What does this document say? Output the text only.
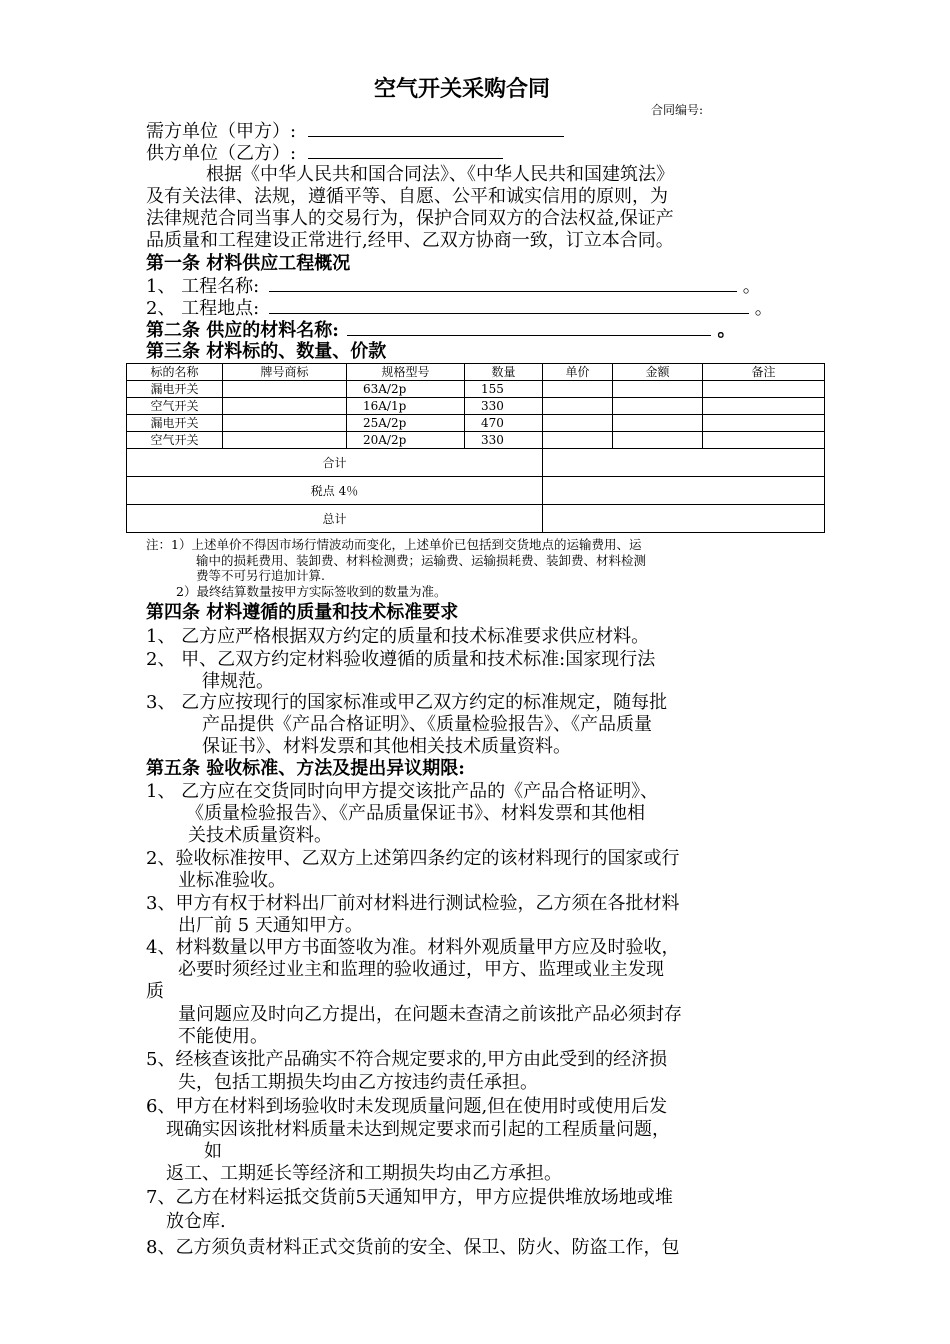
空气开关采购合同
合同编号:
需方单位（甲方）:
供方单位（乙方）:
根据《中华人民共和国合同法》、《中华人民共和国建筑法》
及有关法律、法规，遵循平等、自愿、公平和诚实信用的原则，为
法律规范合同当事人的交易行为，保护合同双方的合法权益,保证产
品质量和工程建设正常进行,经甲、乙双方协商一致，订立本合同。
第一条 材料供应工程概况
1、 工程名称:	。
2、 工程地点:	。
第二条 供应的材料名称:	。
第三条 材料标的、数量、价款
标的名称	牌号商标	规格型号	数量	单价	金额	备注
漏电开关		63A/2p	155			
空气开关		16A/1p	330			
漏电开关		25A/2p	470			
空气开关		20A/2p	330			
合计						
税点 4％						
总计						
注：1）上述单价不得因市场行情波动而变化，上述单价已包括到交货地点的运输费用、运
输中的损耗费用、装卸费、材料检测费；运输费、运输损耗费、装卸费、材料检测
费等不可另行追加计算.
2）最终结算数量按甲方实际签收到的数量为准。
第四条 材料遵循的质量和技术标准要求
1、 乙方应严格根据双方约定的质量和技术标准要求供应材料。
2、 甲、乙双方约定材料验收遵循的质量和技术标准:国家现行法
律规范。
3、 乙方应按现行的国家标准或甲乙双方约定的标准规定，随每批
产品提供《产品合格证明》、《质量检验报告》、《产品质量
保证书》、材料发票和其他相关技术质量资料。
第五条 验收标准、方法及提出异议期限:
1、 乙方应在交货同时向甲方提交该批产品的《产品合格证明》、
《质量检验报告》、《产品质量保证书》、材料发票和其他相
关技术质量资料。
2、验收标准按甲、乙双方上述第四条约定的该材料现行的国家或行
业标准验收。
3、甲方有权于材料出厂前对材料进行测试检验，乙方须在各批材料
出厂前 5 天通知甲方。
4、材料数量以甲方书面签收为准。材料外观质量甲方应及时验收，
必要时须经过业主和监理的验收通过，甲方、监理或业主发现
质
量问题应及时向乙方提出，在问题未查清之前该批产品必须封存
不能使用。
5、经核查该批产品确实不符合规定要求的,甲方由此受到的经济损
失，包括工期损失均由乙方按违约责任承担。
6、甲方在材料到场验收时未发现质量问题,但在使用时或使用后发
现确实因该批材料质量未达到规定要求而引起的工程质量问题，
如
返工、工期延长等经济和工期损失均由乙方承担。
7、乙方在材料运抵交货前5天通知甲方，甲方应提供堆放场地或堆
放仓库.
8、乙方须负责材料正式交货前的安全、保卫、防火、防盗工作，包
